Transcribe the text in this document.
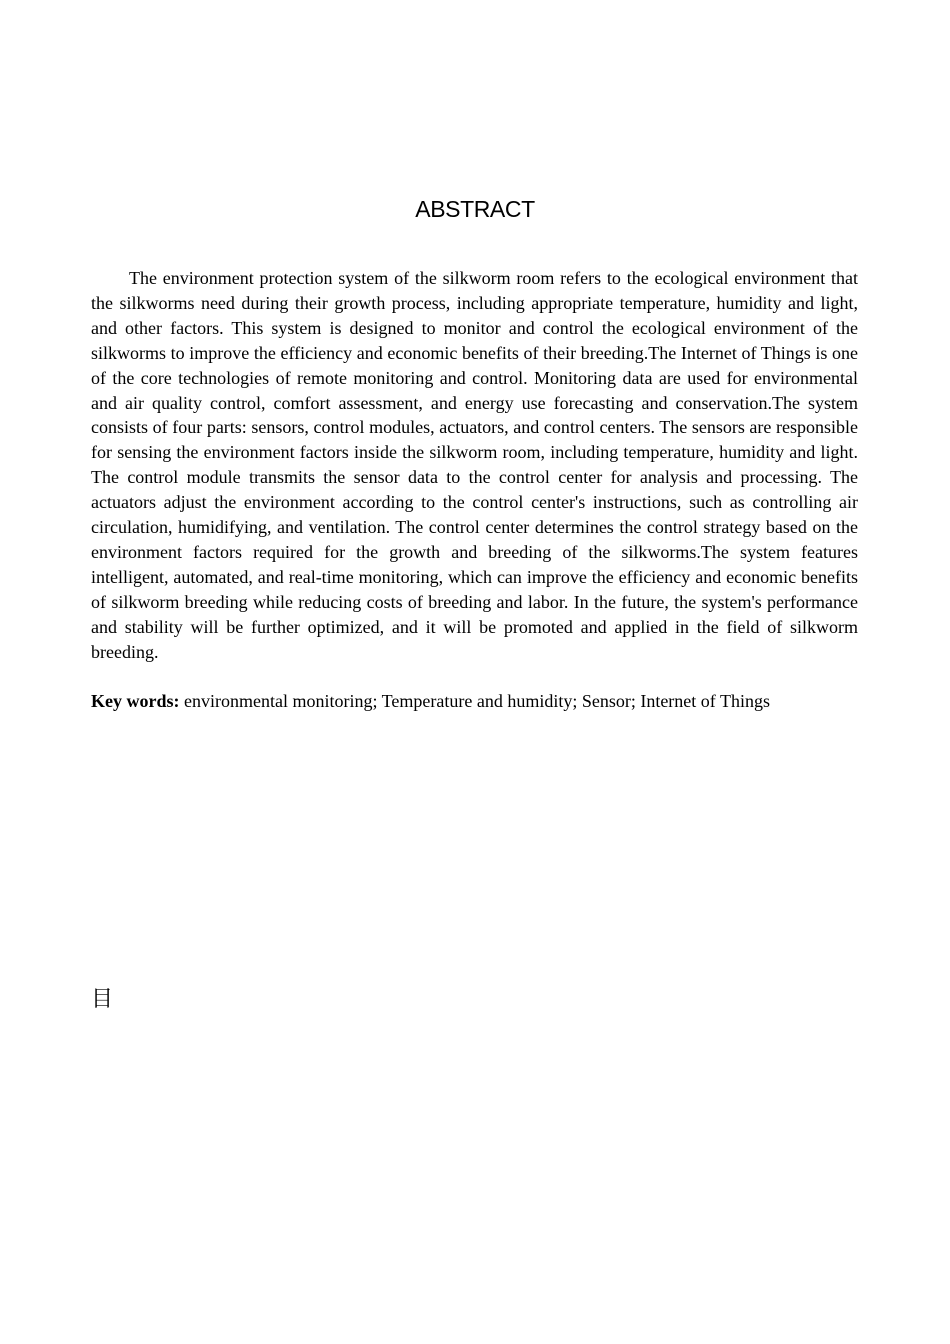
ABSTRACT

The environment protection system of the silkworm room refers to the ecological environment that the silkworms need during their growth process, including appropriate temperature, humidity and light, and other factors. This system is designed to monitor and control the ecological environment of the silkworms to improve the efficiency and economic benefits of their breeding.The Internet of Things is one of the core technologies of remote monitoring and control. Monitoring data are used for environmental and air quality control, comfort assessment, and energy use forecasting and conservation.The system consists of four parts: sensors, control modules, actuators, and control centers. The sensors are responsible for sensing the environment factors inside the silkworm room, including temperature, humidity and light. The control module transmits the sensor data to the control center for analysis and processing. The actuators adjust the environment according to the control center's instructions, such as controlling air circulation, humidifying, and ventilation. The control center determines the control strategy based on the environment factors required for the growth and breeding of the silkworms.The system features intelligent, automated, and real-time monitoring, which can improve the efficiency and economic benefits of silkworm breeding while reducing costs of breeding and labor. In the future, the system's performance and stability will be further optimized, and it will be promoted and applied in the field of silkworm breeding.

Key words: environmental monitoring; Temperature and humidity; Sensor; Internet of Things

目
